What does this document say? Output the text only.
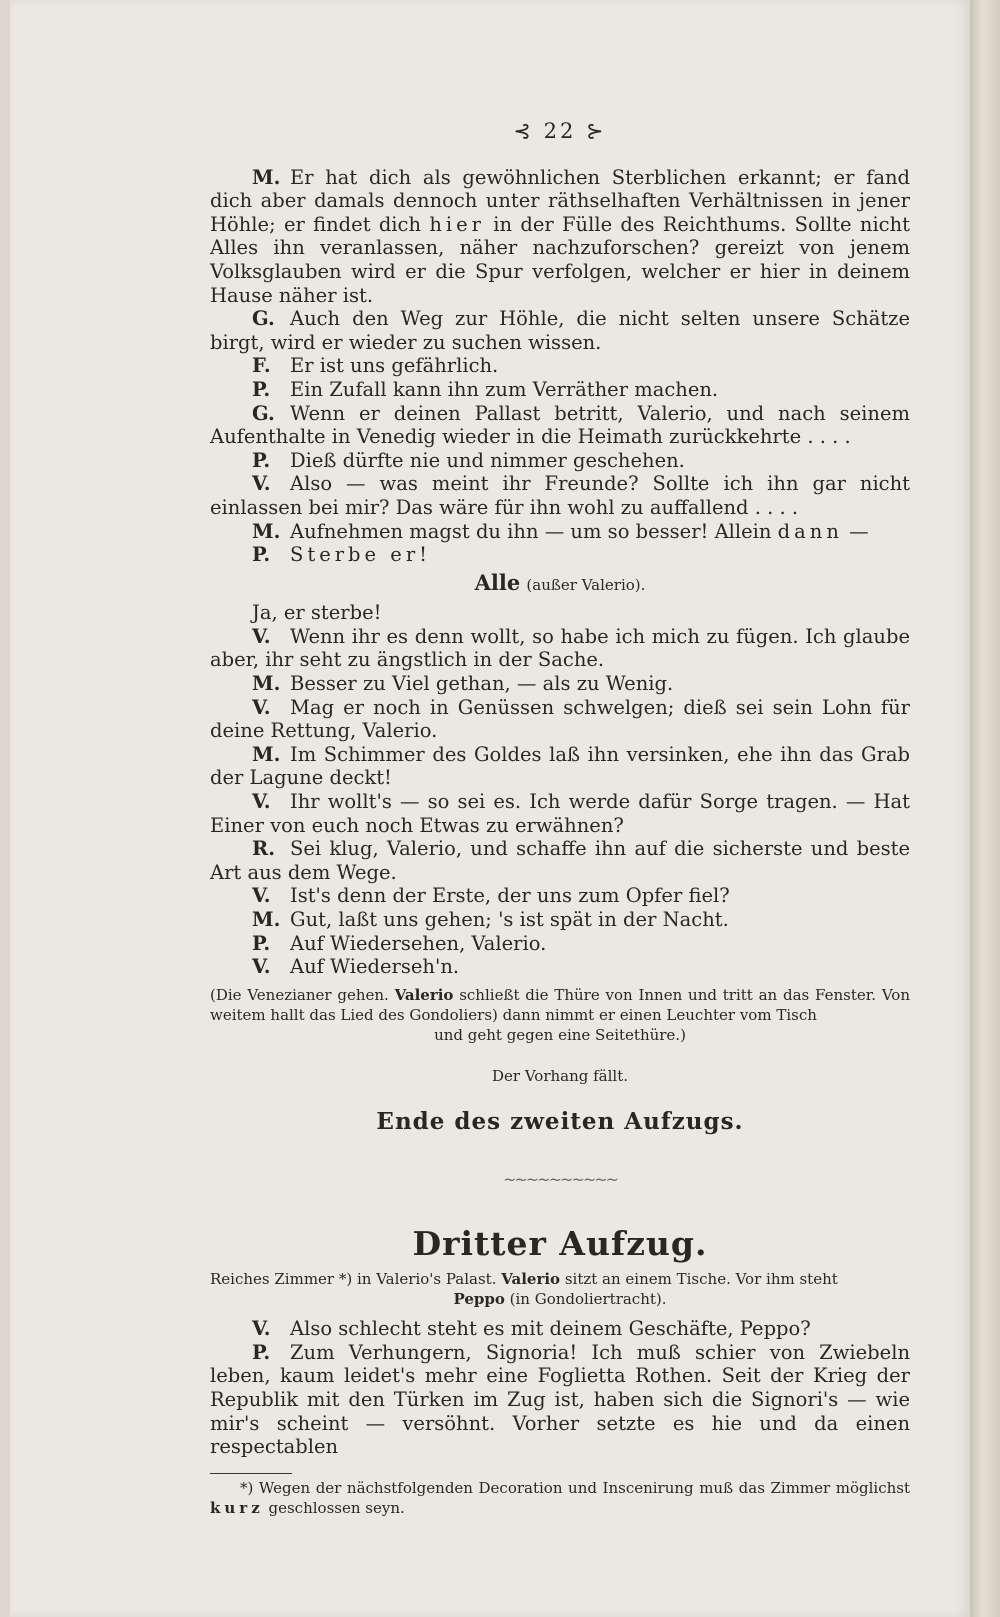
⊰ 22 ⊱
M. Er hat dich als gewöhnlichen Sterblichen erkannt; er fand dich aber damals dennoch unter räthselhaften Verhältnissen in jener Höhle; er findet dich hier in der Fülle des Reichthums. Sollte nicht Alles ihn veranlassen, näher nachzuforschen? gereizt von jenem Volksglauben wird er die Spur verfolgen, welcher er hier in deinem Hause näher ist.
G. Auch den Weg zur Höhle, die nicht selten unsere Schätze birgt, wird er wieder zu suchen wissen.
F. Er ist uns gefährlich.
P. Ein Zufall kann ihn zum Verräther machen.
G. Wenn er deinen Pallast betritt, Valerio, und nach seinem Aufenthalte in Venedig wieder in die Heimath zurückkehrte . . . .
P. Dieß dürfte nie und nimmer geschehen.
V. Also — was meint ihr Freunde? Sollte ich ihn gar nicht einlassen bei mir? Das wäre für ihn wohl zu auffallend . . . .
M. Aufnehmen magst du ihn — um so besser! Allein dann —
P. Sterbe er!
Alle (außer Valerio).
Ja, er sterbe!
V. Wenn ihr es denn wollt, so habe ich mich zu fügen. Ich glaube aber, ihr seht zu ängstlich in der Sache.
M. Besser zu Viel gethan, — als zu Wenig.
V. Mag er noch in Genüssen schwelgen; dieß sei sein Lohn für deine Rettung, Valerio.
M. Im Schimmer des Goldes laß ihn versinken, ehe ihn das Grab der Lagune deckt!
V. Ihr wollt's — so sei es. Ich werde dafür Sorge tragen. — Hat Einer von euch noch Etwas zu erwähnen?
R. Sei klug, Valerio, und schaffe ihn auf die sicherste und beste Art aus dem Wege.
V. Ist's denn der Erste, der uns zum Opfer fiel?
M. Gut, laßt uns gehen; 's ist spät in der Nacht.
P. Auf Wiedersehen, Valerio.
V. Auf Wiederseh'n.
(Die Venezianer gehen. Valerio schließt die Thüre von Innen und tritt an das Fenster. Von weitem hallt das Lied des Gondoliers) dann nimmt er einen Leuchter vom Tisch
und geht gegen eine Seitethüre.)
Der Vorhang fällt.
Ende des zweiten Aufzugs.
~~~~~~~~~~
Dritter Aufzug.
Reiches Zimmer *) in Valerio's Palast. Valerio sitzt an einem Tische. Vor ihm steht
Peppo (in Gondoliertracht).
V. Also schlecht steht es mit deinem Geschäfte, Peppo?
P. Zum Verhungern, Signoria! Ich muß schier von Zwiebeln leben, kaum leidet's mehr eine Foglietta Rothen. Seit der Krieg der Republik mit den Türken im Zug ist, haben sich die Signori's — wie mir's scheint — versöhnt. Vorher setzte es hie und da einen respectablen
*) Wegen der nächstfolgenden Decoration und Inscenirung muß das Zimmer möglichst kurz geschlossen seyn.
